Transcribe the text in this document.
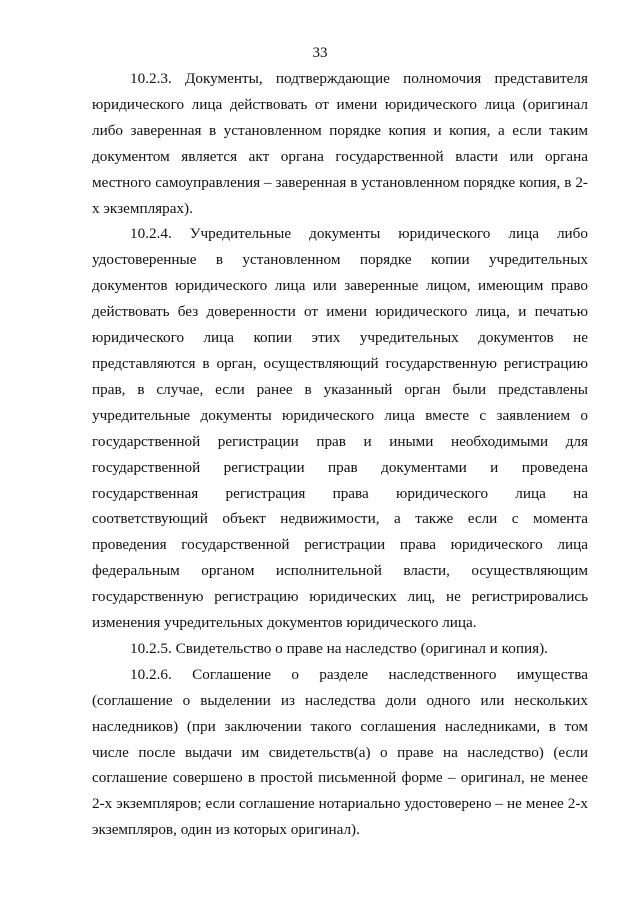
33

10.2.3. Документы, подтверждающие полномочия представителя юридического лица действовать от имени юридического лица (оригинал либо заверенная в установленном порядке копия и копия, а если таким документом является акт органа государственной власти или органа местного самоуправления – заверенная в установленном порядке копия, в 2-х экземплярах).

10.2.4. Учредительные документы юридического лица либо удостоверенные в установленном порядке копии учредительных документов юридического лица или заверенные лицом, имеющим право действовать без доверенности от имени юридического лица, и печатью юридического лица копии этих учредительных документов не представляются в орган, осуществляющий государственную регистрацию прав, в случае, если ранее в указанный орган были представлены учредительные документы юридического лица вместе с заявлением о государственной регистрации прав и иными необходимыми для государственной регистрации прав документами и проведена государственная регистрация права юридического лица на соответствующий объект недвижимости, а также если с момента проведения государственной регистрации права юридического лица федеральным органом исполнительной власти, осуществляющим государственную регистрацию юридических лиц, не регистрировались изменения учредительных документов юридического лица.

10.2.5. Свидетельство о праве на наследство (оригинал и копия).

10.2.6. Соглашение о разделе наследственного имущества (соглашение о выделении из наследства доли одного или нескольких наследников) (при заключении такого соглашения наследниками, в том числе после выдачи им свидетельств(а) о праве на наследство) (если соглашение совершено в простой письменной форме – оригинал, не менее 2-х экземпляров; если соглашение нотариально удостоверено – не менее 2-х экземпляров, один из которых оригинал).
